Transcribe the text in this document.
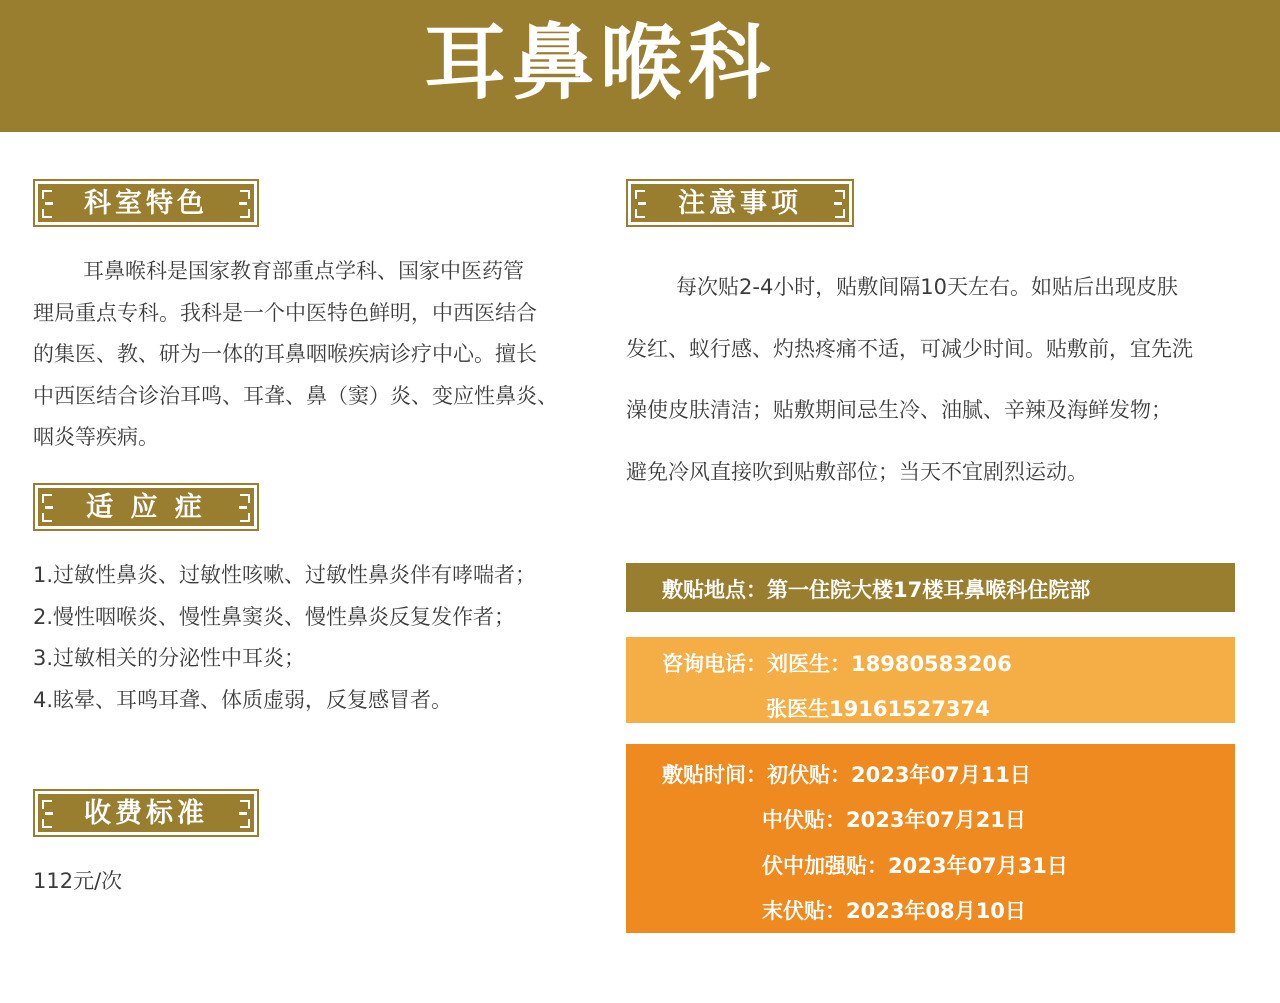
耳鼻喉科
科室特色
耳鼻喉科是国家教育部重点学科、国家中医药管
理局重点专科。我科是一个中医特色鲜明，中西医结合
的集医、教、研为一体的耳鼻咽喉疾病诊疗中心。擅长
中西医结合诊治耳鸣、耳聋、鼻（窦）炎、变应性鼻炎、
咽炎等疾病。
适 应 症
1.过敏性鼻炎、过敏性咳嗽、过敏性鼻炎伴有哮喘者；
2.慢性咽喉炎、慢性鼻窦炎、慢性鼻炎反复发作者；
3.过敏相关的分泌性中耳炎；
4.眩晕、耳鸣耳聋、体质虚弱，反复感冒者。
收费标准
112元/次
注意事项
每次贴2-4小时，贴敷间隔10天左右。如贴后出现皮肤
发红、蚁行感、灼热疼痛不适，可减少时间。贴敷前，宜先洗
澡使皮肤清洁；贴敷期间忌生冷、油腻、辛辣及海鲜发物；
避免冷风直接吹到贴敷部位；当天不宜剧烈运动。
敷贴地点：第一住院大楼17楼耳鼻喉科住院部
咨询电话：刘医生：18980583206
张医生19161527374
敷贴时间：初伏贴：2023年07月11日
中伏贴：2023年07月21日
伏中加强贴：2023年07月31日
末伏贴：2023年08月10日
